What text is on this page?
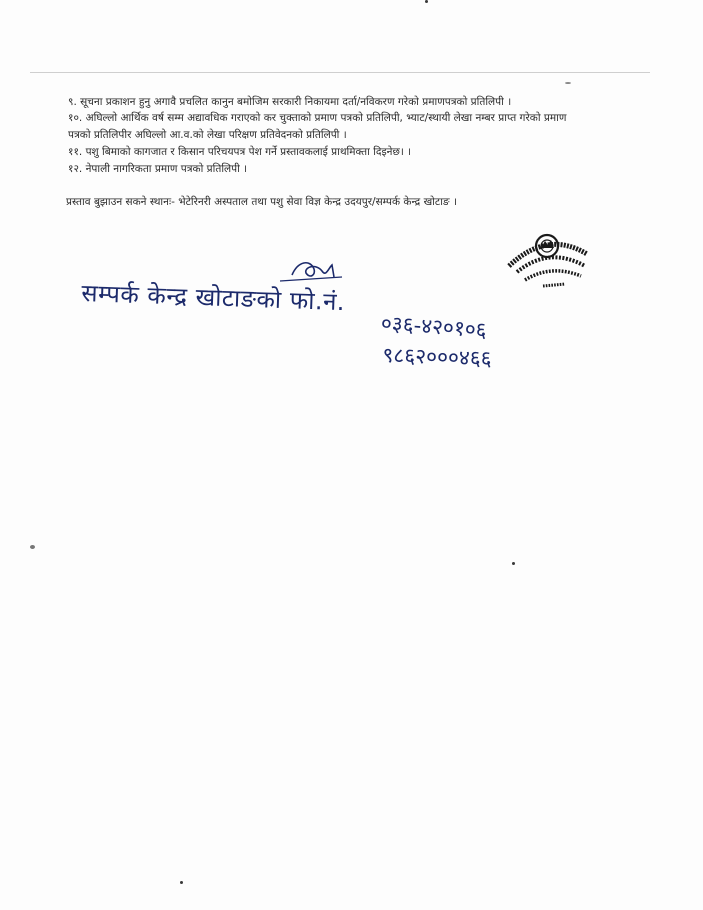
९. सूचना प्रकाशन हुनु अगावै प्रचलित कानुन बमोजिम सरकारी निकायमा दर्ता/नविकरण गरेको प्रमाणपत्रको प्रतिलिपी ।
१०. अघिल्लो आर्थिक वर्ष सम्म अद्यावधिक गराएको कर चुक्ताको प्रमाण पत्रको प्रतिलिपी, भ्याट/स्थायी लेखा नम्बर प्राप्त गरेको प्रमाण
पत्रको प्रतिलिपीर अघिल्लो आ.व.को लेखा परिक्षण प्रतिवेदनको प्रतिलिपी ।
११. पशु बिमाको कागजात र किसान परिचयपत्र पेश गर्ने प्रस्तावकलाई प्राथमिक्ता दिइनेछ। ।
१२. नेपाली नागरिकता प्रमाण पत्रको प्रतिलिपी ।
प्रस्ताव बुझाउन सकने स्थानः- भेटेरिनरी अस्पताल तथा पशु सेवा विज्ञ केन्द्र उदयपुर/सम्पर्क केन्द्र खोटाङ ।
सम्पर्क केन्द्र खोटाङको फो.नं.
०३६-४२०१०६
९८६२०००४६६
